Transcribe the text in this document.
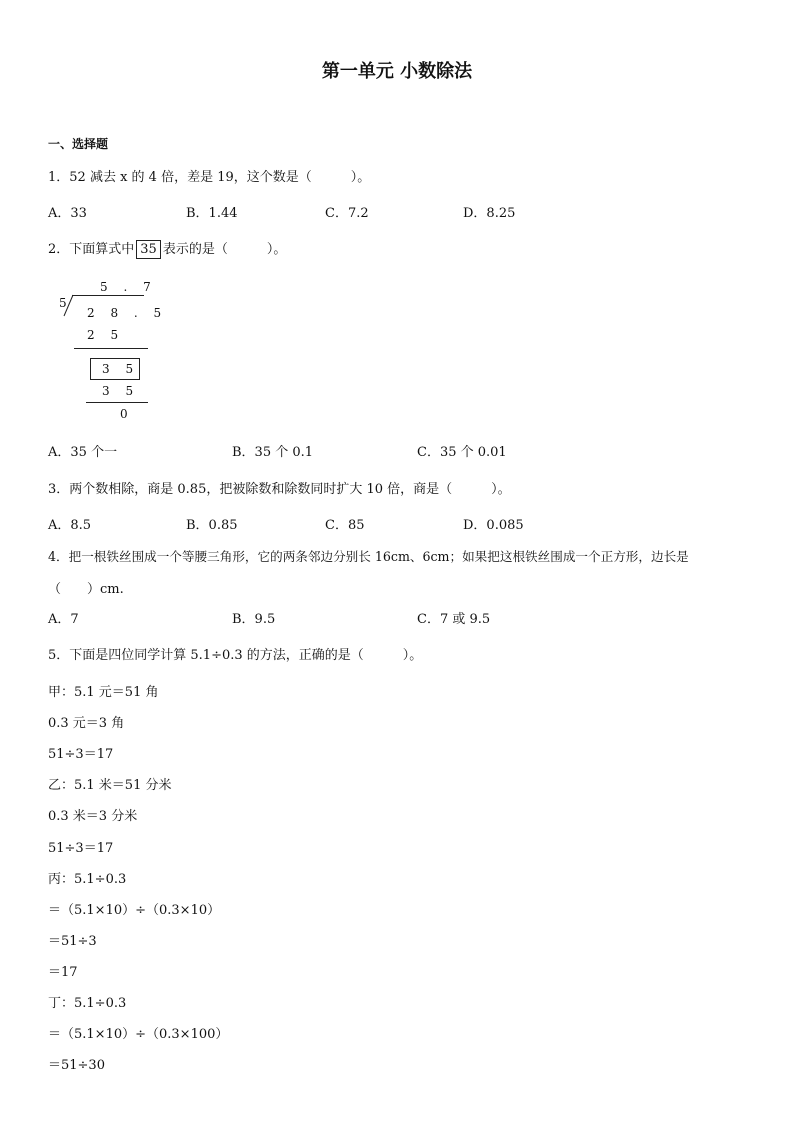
第一单元 小数除法
一、选择题
1．52 减去 x 的 4 倍，差是 19，这个数是（　　　）。
A．33	B．1.44	C．7.2	D．8.25
2．下面算式中 35 表示的是（　　　）。
5 . 7
5
2 8 . 5
2 5
3 5
3 5
0
A．35 个一	B．35 个 0.1	C．35 个 0.01
3．两个数相除，商是 0.85，把被除数和除数同时扩大 10 倍，商是（　　　）。
A．8.5	B．0.85	C．85	D．0.085
4．把一根铁丝围成一个等腰三角形，它的两条邻边分别长 16cm、6cm；如果把这根铁丝围成一个正方形，边长是
（　　）cm.
A．7	B．9.5	C．7 或 9.5
5．下面是四位同学计算 5.1÷0.3 的方法，正确的是（　　　）。
甲：5.1 元＝51 角
0.3 元＝3 角
51÷3＝17
乙：5.1 米＝51 分米
0.3 米＝3 分米
51÷3＝17
丙：5.1÷0.3
＝（5.1×10）÷（0.3×10）
＝51÷3
＝17
丁：5.1÷0.3
＝（5.1×10）÷（0.3×100）
＝51÷30
